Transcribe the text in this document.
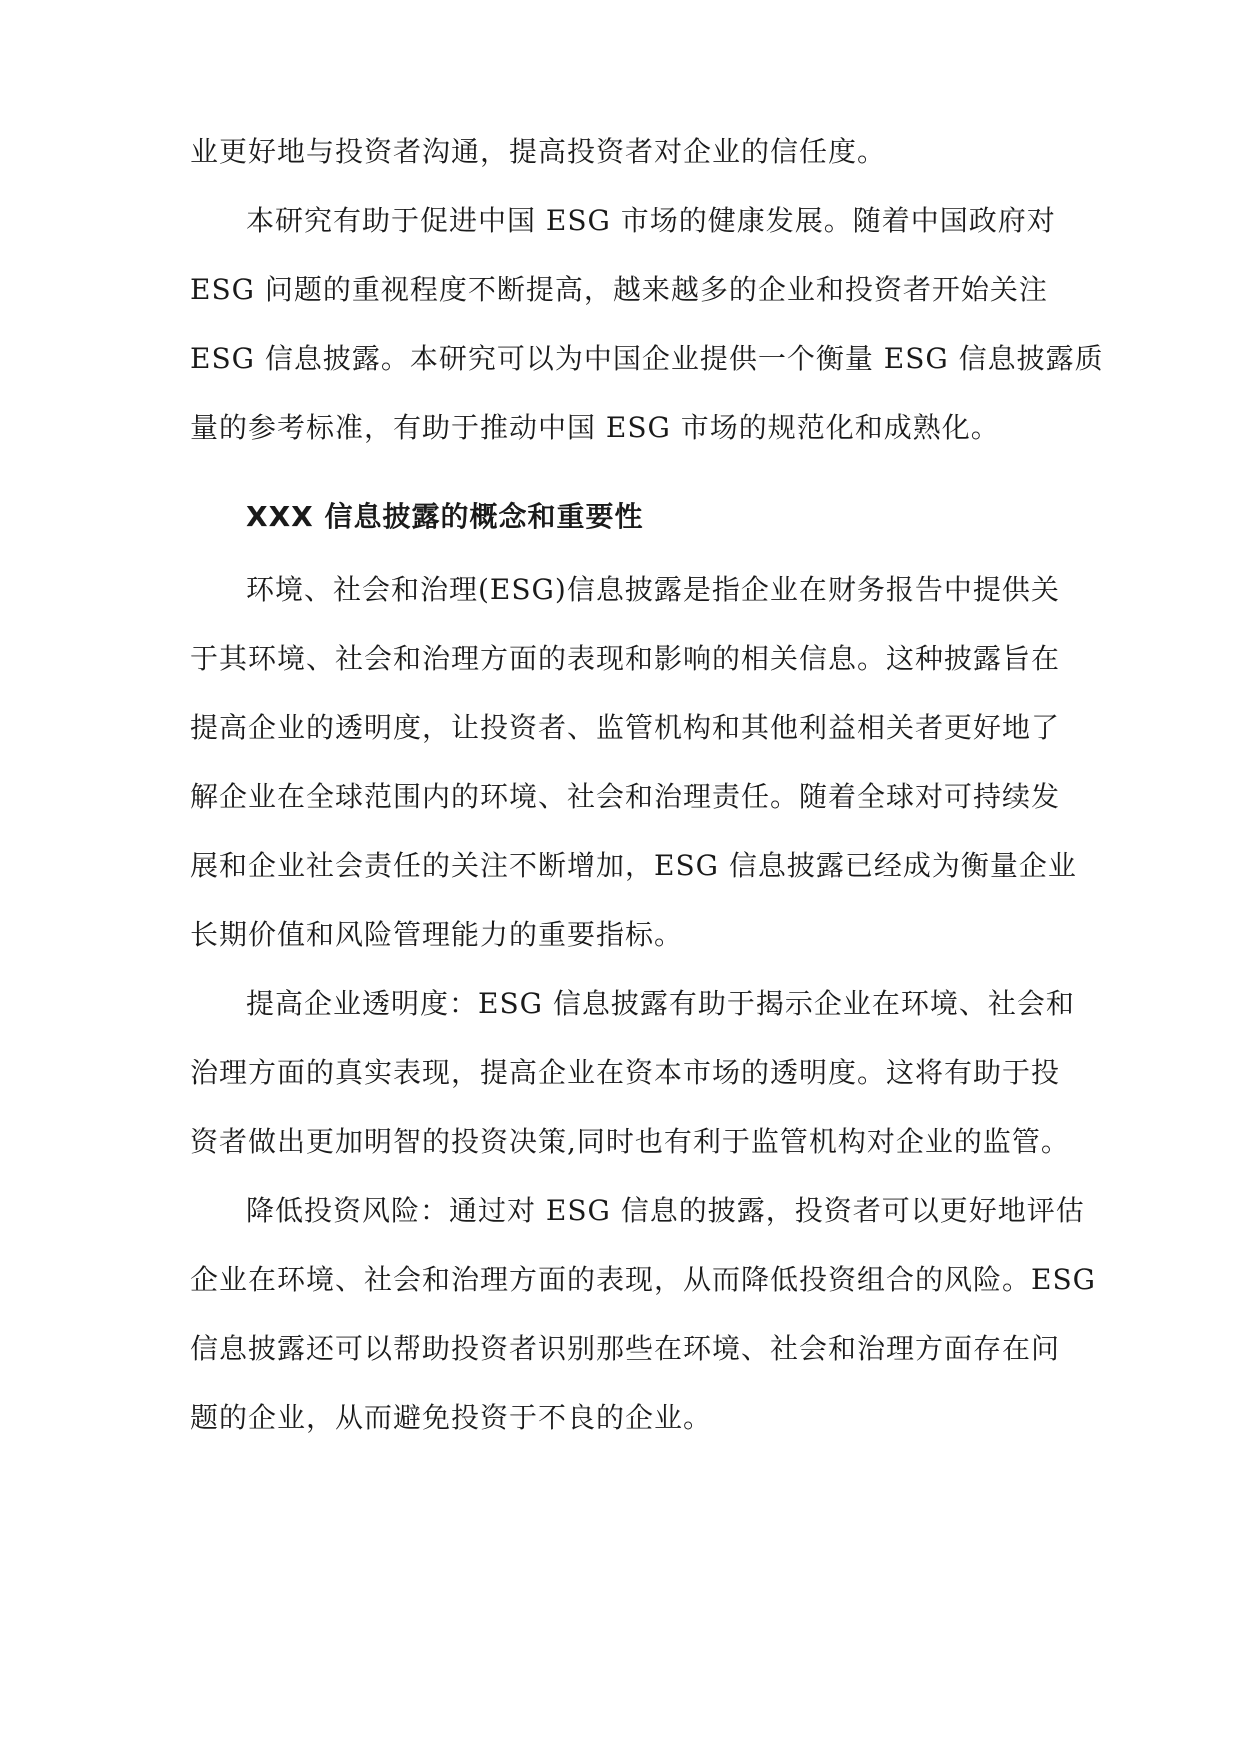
业更好地与投资者沟通，提高投资者对企业的信任度。
本研究有助于促进中国 ESG 市场的健康发展。随着中国政府对
ESG 问题的重视程度不断提高，越来越多的企业和投资者开始关注
ESG 信息披露。本研究可以为中国企业提供一个衡量 ESG 信息披露质
量的参考标准，有助于推动中国 ESG 市场的规范化和成熟化。
XXX 信息披露的概念和重要性
环境、社会和治理(ESG)信息披露是指企业在财务报告中提供关
于其环境、社会和治理方面的表现和影响的相关信息。这种披露旨在
提高企业的透明度，让投资者、监管机构和其他利益相关者更好地了
解企业在全球范围内的环境、社会和治理责任。随着全球对可持续发
展和企业社会责任的关注不断增加，ESG 信息披露已经成为衡量企业
长期价值和风险管理能力的重要指标。
提高企业透明度：ESG 信息披露有助于揭示企业在环境、社会和
治理方面的真实表现，提高企业在资本市场的透明度。这将有助于投
资者做出更加明智的投资决策,同时也有利于监管机构对企业的监管。
降低投资风险：通过对 ESG 信息的披露，投资者可以更好地评估
企业在环境、社会和治理方面的表现，从而降低投资组合的风险。ESG
信息披露还可以帮助投资者识别那些在环境、社会和治理方面存在问
题的企业，从而避免投资于不良的企业。
